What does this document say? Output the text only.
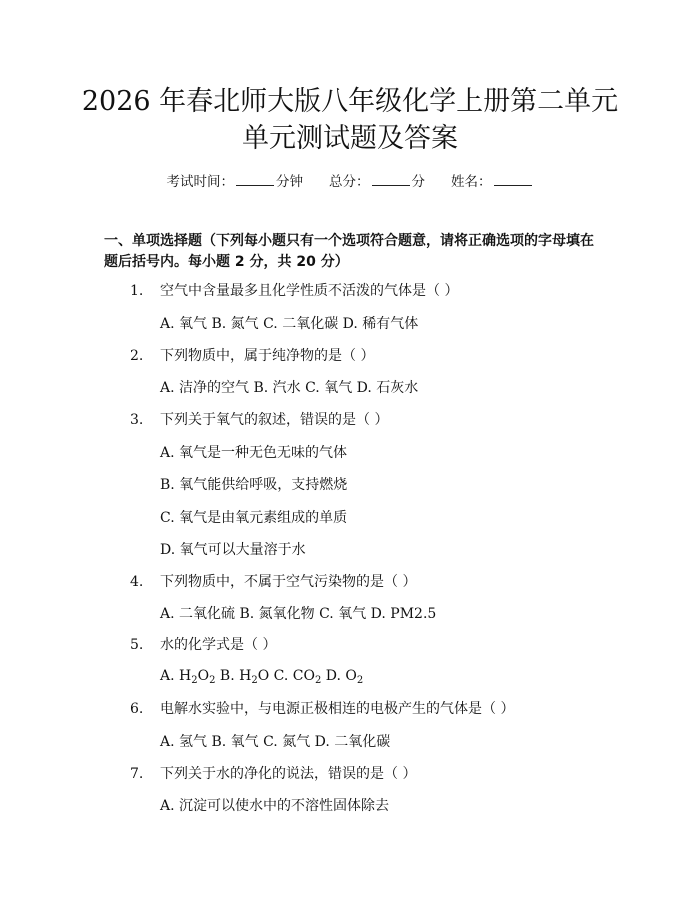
2026 年春北师大版八年级化学上册第二单元
单元测试题及答案
考试时间：	分钟 总分：	分 姓名：
一、单项选择题（下列每小题只有一个选项符合题意，请将正确选项的字母填在题后括号内。每小题 2 分，共 20 分）
1.	空气中含量最多且化学性质不活泼的气体是（ ）
A. 氧气 B. 氮气 C. 二氧化碳 D. 稀有气体
2.	下列物质中，属于纯净物的是（ ）
A. 洁净的空气 B. 汽水 C. 氧气 D. 石灰水
3.	下列关于氧气的叙述，错误的是（ ）
A. 氧气是一种无色无味的气体
B. 氧气能供给呼吸，支持燃烧
C. 氧气是由氧元素组成的单质
D. 氧气可以大量溶于水
4.	下列物质中，不属于空气污染物的是（ ）
A. 二氧化硫 B. 氮氧化物 C. 氧气 D. PM2.5
5.	水的化学式是（ ）
A. $H_2O_2$ B. $H_2O$ C. $CO_2$ D. $O_2$
6.	电解水实验中，与电源正极相连的电极产生的气体是（ ）
A. 氢气 B. 氧气 C. 氮气 D. 二氧化碳
7.	下列关于水的净化的说法，错误的是（ ）
A. 沉淀可以使水中的不溶性固体除去
